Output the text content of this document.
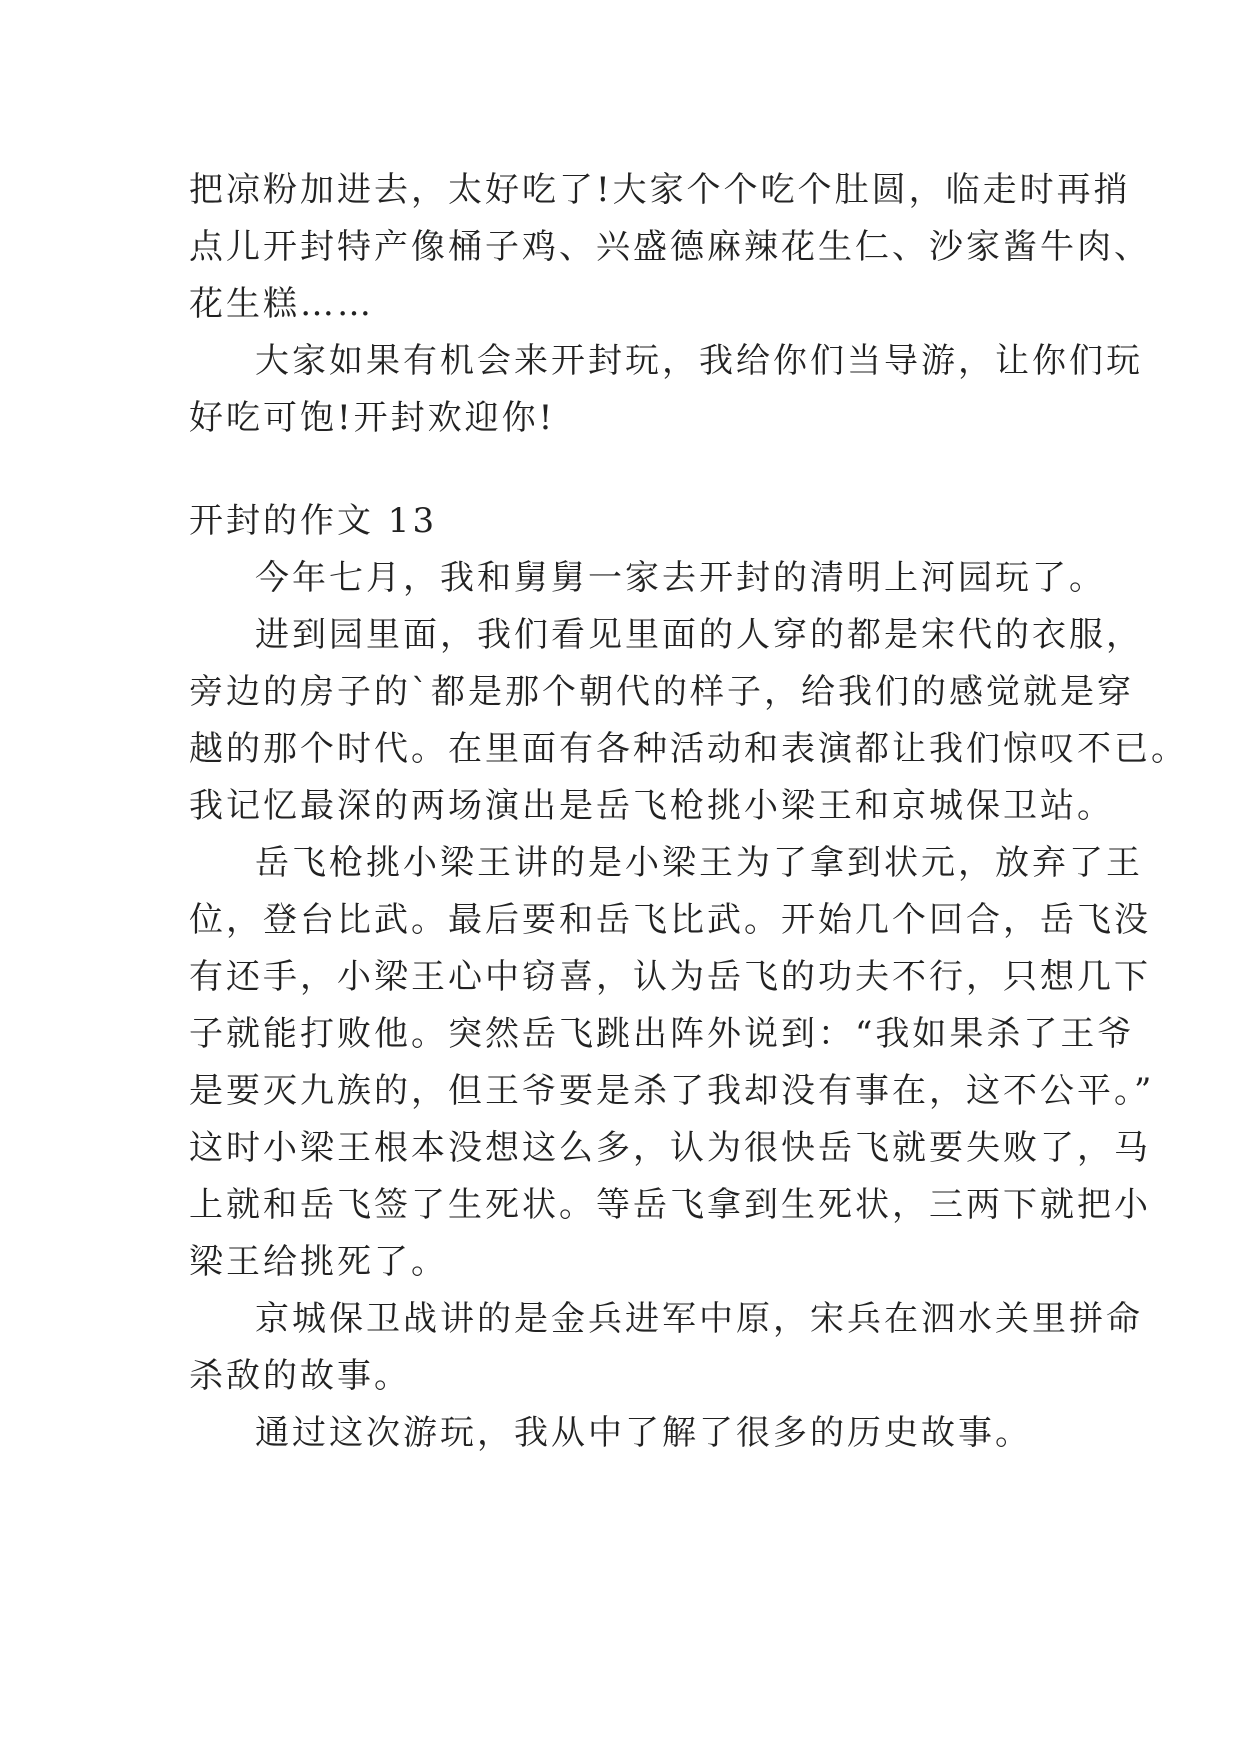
把凉粉加进去，太好吃了!大家个个吃个肚圆，临走时再捎
点儿开封特产像桶子鸡、兴盛德麻辣花生仁、沙家酱牛肉、
花生糕……
大家如果有机会来开封玩，我给你们当导游，让你们玩
好吃可饱!开封欢迎你!
开封的作文 13
今年七月，我和舅舅一家去开封的清明上河园玩了。
进到园里面，我们看见里面的人穿的都是宋代的衣服，
旁边的房子的`都是那个朝代的样子，给我们的感觉就是穿
越的那个时代。在里面有各种活动和表演都让我们惊叹不已。
我记忆最深的两场演出是岳飞枪挑小梁王和京城保卫站。
岳飞枪挑小梁王讲的是小梁王为了拿到状元，放弃了王
位，登台比武。最后要和岳飞比武。开始几个回合，岳飞没
有还手，小梁王心中窃喜，认为岳飞的功夫不行，只想几下
子就能打败他。突然岳飞跳出阵外说到：“我如果杀了王爷
是要灭九族的，但王爷要是杀了我却没有事在，这不公平。”
这时小梁王根本没想这么多，认为很快岳飞就要失败了，马
上就和岳飞签了生死状。等岳飞拿到生死状，三两下就把小
梁王给挑死了。
京城保卫战讲的是金兵进军中原，宋兵在泗水关里拼命
杀敌的故事。
通过这次游玩，我从中了解了很多的历史故事。
